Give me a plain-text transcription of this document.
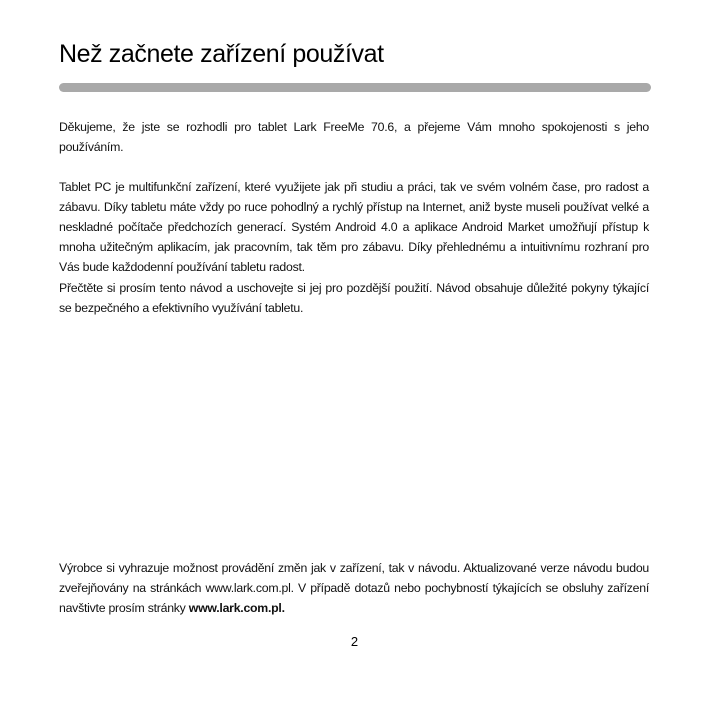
Než začnete zařízení používat

Děkujeme, že jste se rozhodli pro tablet Lark FreeMe 70.6, a přejeme Vám mnoho spokojenosti s jeho používáním.

Tablet PC je multifunkční zařízení, které využijete jak při studiu a práci, tak ve svém volném čase, pro radost a zábavu. Díky tabletu máte vždy po ruce pohodlný a rychlý přístup na Internet, aniž byste museli používat velké a neskladné počítače předchozích generací. Systém Android 4.0 a aplikace Android Market umožňují přístup k mnoha užitečným aplikacím, jak pracovním, tak těm pro zábavu. Díky přehlednému a intuitivnímu rozhraní pro Vás bude každodenní používání tabletu radost.

Přečtěte si prosím tento návod a uschovejte si jej pro pozdější použití. Návod obsahuje důležité pokyny týkající se bezpečného a efektivního využívání tabletu.

Výrobce si vyhrazuje možnost provádění změn jak v zařízení, tak v návodu. Aktualizované verze návodu budou zveřejňovány na stránkách www.lark.com.pl. V případě dotazů nebo pochybností týkajících se obsluhy zařízení navštivte prosím stránky www.lark.com.pl.

2
